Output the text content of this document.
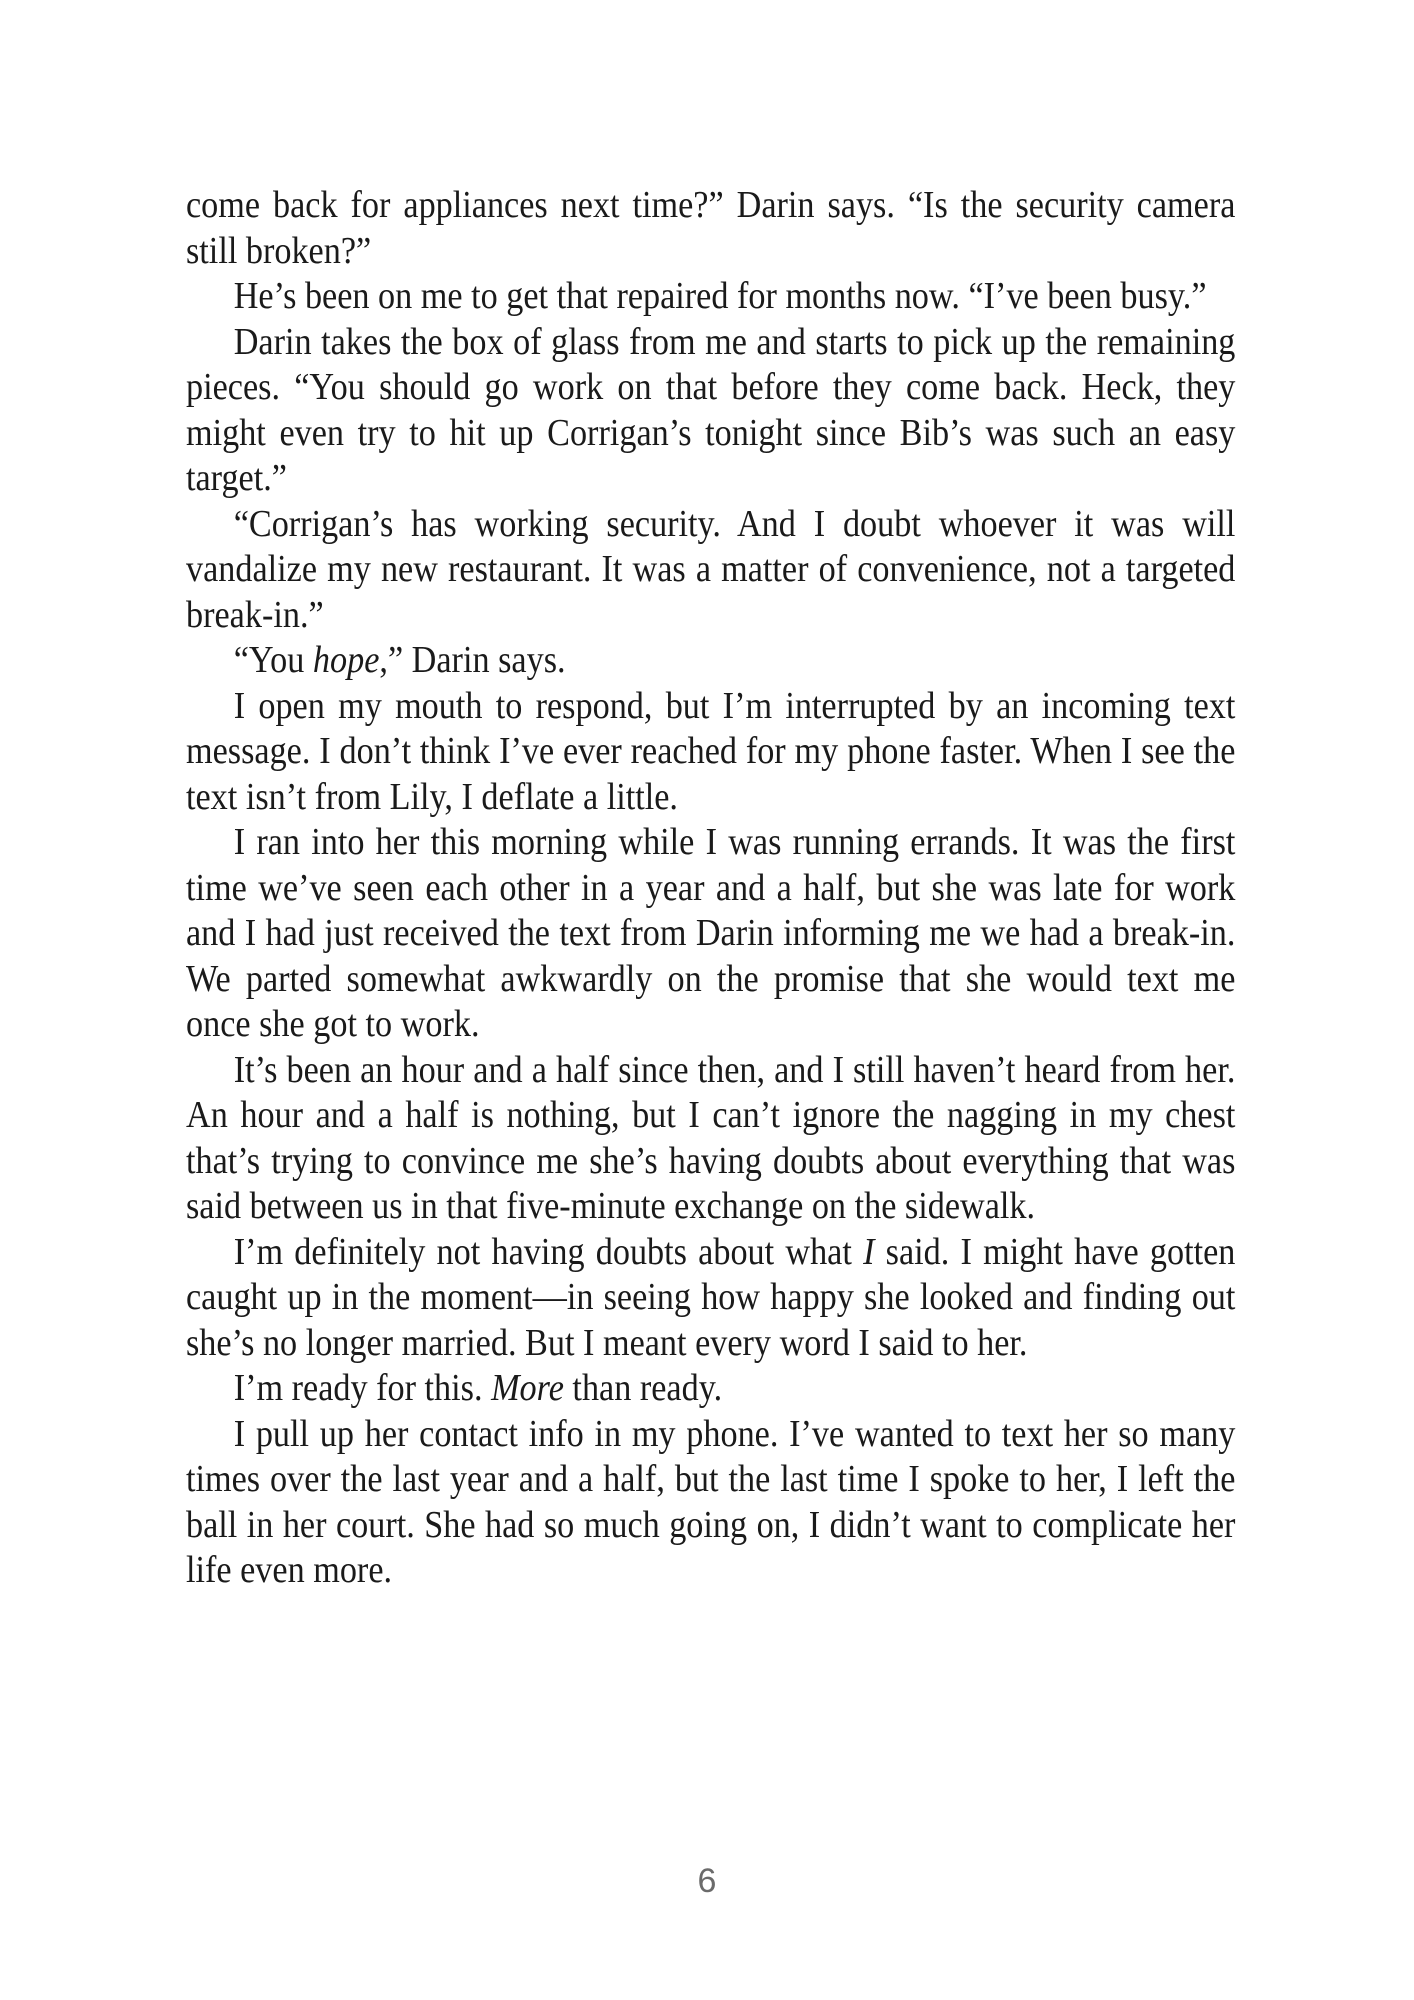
come back for appliances next time?” Darin says. “Is the security camera still broken?”

He’s been on me to get that repaired for months now. “I’ve been busy.”

Darin takes the box of glass from me and starts to pick up the remaining pieces. “You should go work on that before they come back. Heck, they might even try to hit up Corrigan’s tonight since Bib’s was such an easy target.”

“Corrigan’s has working security. And I doubt whoever it was will vandalize my new restaurant. It was a matter of convenience, not a targeted break-in.”

“You hope,” Darin says.

I open my mouth to respond, but I’m interrupted by an incoming text message. I don’t think I’ve ever reached for my phone faster. When I see the text isn’t from Lily, I deflate a little.

I ran into her this morning while I was running errands. It was the first time we’ve seen each other in a year and a half, but she was late for work and I had just received the text from Darin informing me we had a break-in. We parted somewhat awkwardly on the promise that she would text me once she got to work.

It’s been an hour and a half since then, and I still haven’t heard from her. An hour and a half is nothing, but I can’t ignore the nagging in my chest that’s trying to convince me she’s having doubts about everything that was said between us in that five-minute exchange on the sidewalk.

I’m definitely not having doubts about what I said. I might have gotten caught up in the moment—in seeing how happy she looked and finding out she’s no longer married. But I meant every word I said to her.

I’m ready for this. More than ready.

I pull up her contact info in my phone. I’ve wanted to text her so many times over the last year and a half, but the last time I spoke to her, I left the ball in her court. She had so much going on, I didn’t want to complicate her life even more.

6
